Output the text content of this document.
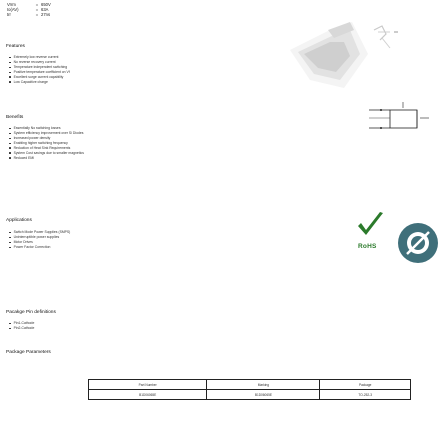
Vrrm	= 650V
Io(AV)	= 63A
trr	= 27ns
Features
Extremely low reverse current
No reverse recovery current
Temperature independent switching
Positive temperature coefficient on Vf
Excellent surge current capability
Low Capacitive charge
Benefits
Essentially No switching losses
System efficiency improvement over Si Diodes
Increased power density
Enabling higher switching frequency
Reduction of Heat Sink Requirements
System Cost savings due to smaller magnetics
Reduced EMI
Applications
Switch Mode Power Supplies (SMPS)
Uninterruptible power supplies
Motor Drives
Power Factor Correction
Pacakge Pin definitions
Pin1-Cathode
Pin2-Cathode
Package Parameters
Part Number	Marking	Package
B1D06065E	B1D06065E	TO-252-3
RoHS
